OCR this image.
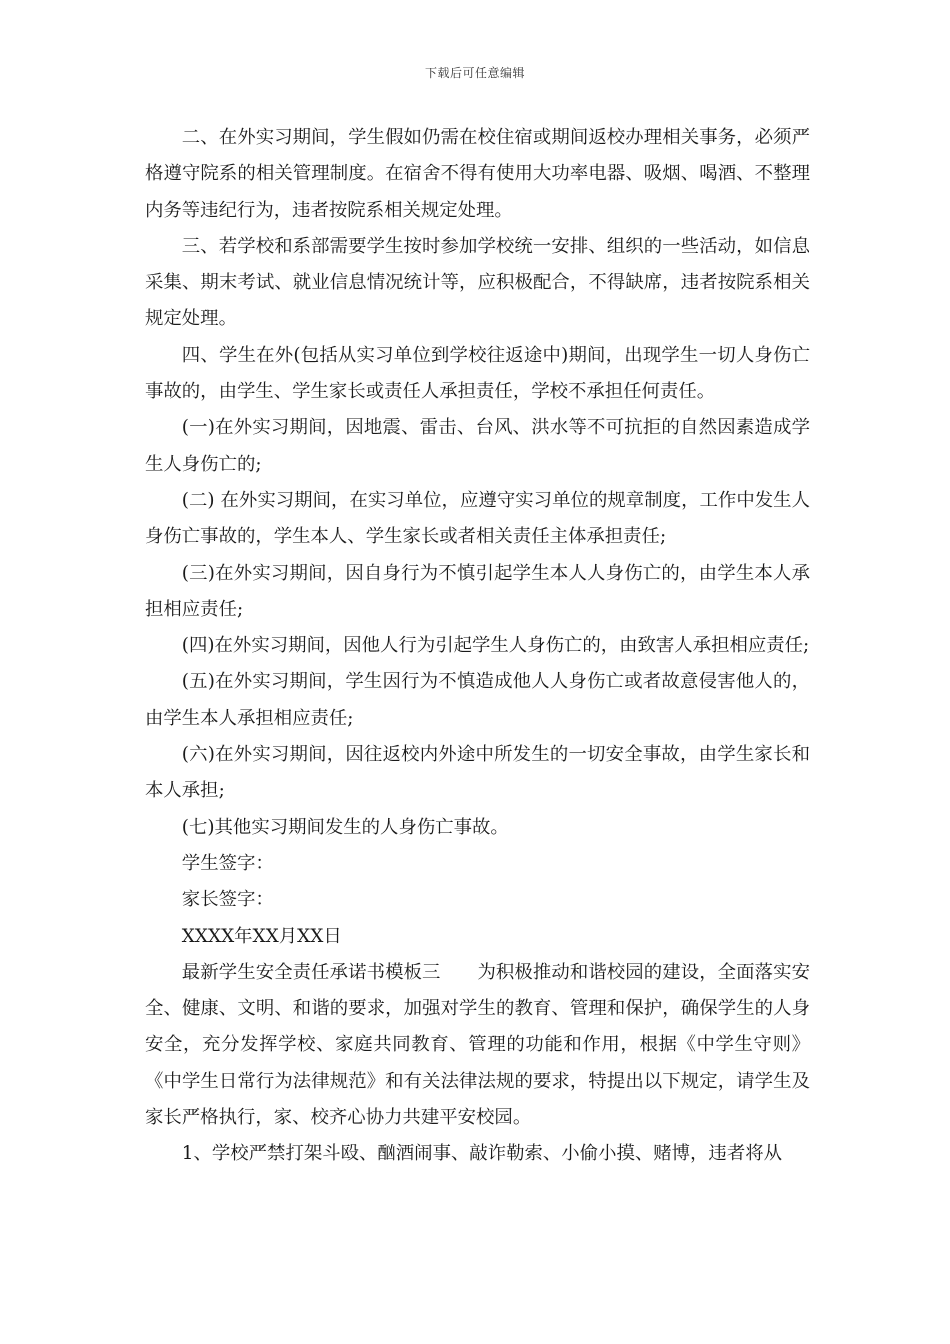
下载后可任意编辑

二、在外实习期间，学生假如仍需在校住宿或期间返校办理相关事务，必须严格遵守院系的相关管理制度。在宿舍不得有使用大功率电器、吸烟、喝酒、不整理内务等违纪行为，违者按院系相关规定处理。

三、若学校和系部需要学生按时参加学校统一安排、组织的一些活动，如信息采集、期末考试、就业信息情况统计等，应积极配合，不得缺席，违者按院系相关规定处理。

四、学生在外(包括从实习单位到学校往返途中)期间，出现学生一切人身伤亡事故的，由学生、学生家长或责任人承担责任，学校不承担任何责任。

(一)在外实习期间，因地震、雷击、台风、洪水等不可抗拒的自然因素造成学生人身伤亡的;

(二) 在外实习期间，在实习单位，应遵守实习单位的规章制度，工作中发生人身伤亡事故的，学生本人、学生家长或者相关责任主体承担责任;

(三)在外实习期间，因自身行为不慎引起学生本人人身伤亡的，由学生本人承担相应责任;

(四)在外实习期间，因他人行为引起学生人身伤亡的，由致害人承担相应责任;

(五)在外实习期间，学生因行为不慎造成他人人身伤亡或者故意侵害他人的，由学生本人承担相应责任;

(六)在外实习期间，因往返校内外途中所发生的一切安全事故，由学生家长和本人承担;

(七)其他实习期间发生的人身伤亡事故。

学生签字：

家长签字：

XXXX年XX月XX日

最新学生安全责任承诺书模板三　　为积极推动和谐校园的建设，全面落实安全、健康、文明、和谐的要求，加强对学生的教育、管理和保护，确保学生的人身安全，充分发挥学校、家庭共同教育、管理的功能和作用，根据《中学生守则》《中学生日常行为法律规范》和有关法律法规的要求，特提出以下规定，请学生及家长严格执行，家、校齐心协力共建平安校园。

1、学校严禁打架斗殴、酗酒闹事、敲诈勒索、小偷小摸、赌博，违者将从
